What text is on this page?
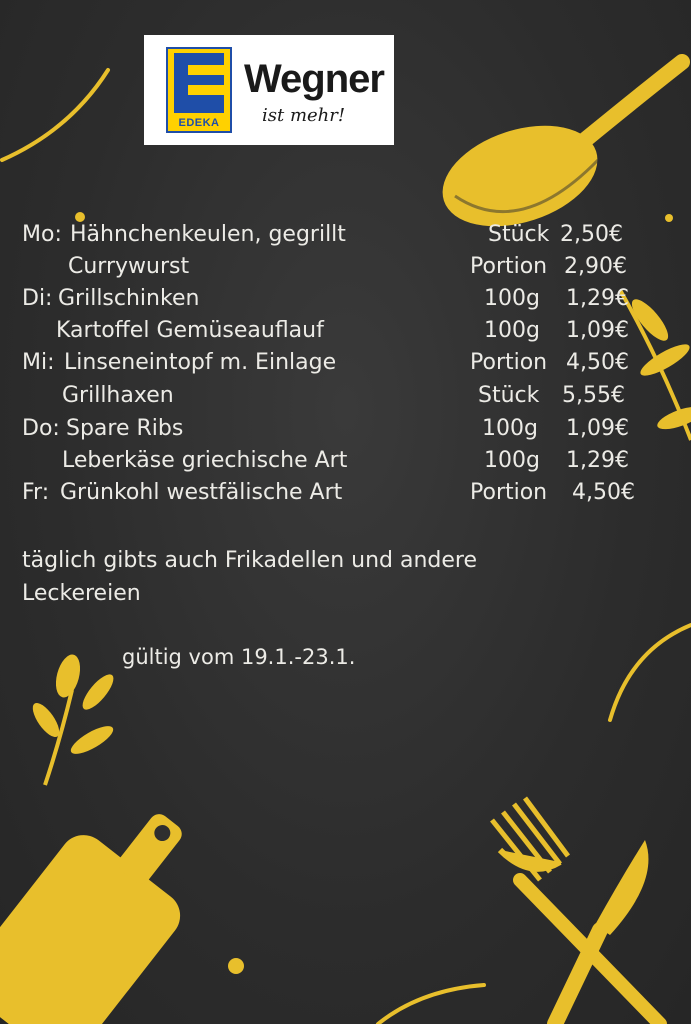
EDEKA
Wegner
ist mehr!
Mo: Hähnchenkeulen, gegrillt	Stück 2,50€
Currywurst	Portion 2,90€
Di: Grillschinken	100g 1,29€
Kartoffel Gemüseauflauf	100g 1,09€
Mi: Linseneintopf m. Einlage	Portion 4,50€
Grillhaxen	Stück 5,55€
Do: Spare Ribs	100g 1,09€
Leberkäse griechische Art	100g 1,29€
Fr: Grünkohl westfälische Art	Portion 4,50€
täglich gibts auch Frikadellen und andere Leckereien
gültig vom 19.1.-23.1.
